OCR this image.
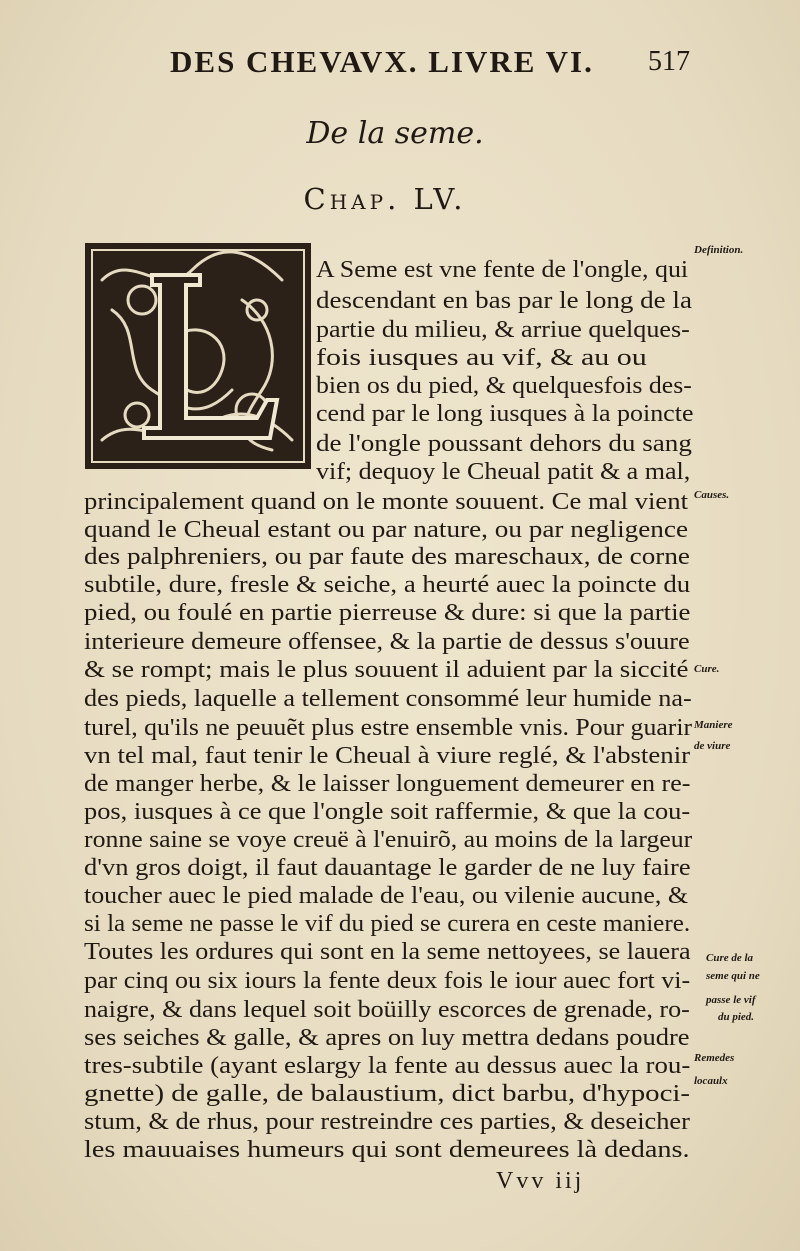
DES CHEVAVX. LIVRE VI. 517
De la seme.
Chap. LV.
A Seme est vne fente de l'ongle, qui
descendant en bas par le long de la
partie du milieu, & arriue quelques-
fois iusques au vif, & au ou
bien os du pied, & quelquesfois des-
cend par le long iusques à la poincte
de l'ongle poussant dehors du sang
vif; dequoy le Cheual patit & a mal,
principalement quand on le monte souuent. Ce mal vient
quand le Cheual estant ou par nature, ou par negligence
des palphreniers, ou par faute des mareschaux, de corne
subtile, dure, fresle & seiche, a heurté auec la poincte du
pied, ou foulé en partie pierreuse & dure: si que la partie
interieure demeure offensee, & la partie de dessus s'ouure
& se rompt; mais le plus souuent il aduient par la siccité
des pieds, laquelle a tellement consommé leur humide na-
turel, qu'ils ne peuuẽt plus estre ensemble vnis. Pour guarir
vn tel mal, faut tenir le Cheual à viure reglé, & l'abstenir
de manger herbe, & le laisser longuement demeurer en re-
pos, iusques à ce que l'ongle soit raffermie, & que la cou-
ronne saine se voye creuë à l'enuirõ, au moins de la largeur
d'vn gros doigt, il faut dauantage le garder de ne luy faire
toucher auec le pied malade de l'eau, ou vilenie aucune, &
si la seme ne passe le vif du pied se curera en ceste maniere.
Toutes les ordures qui sont en la seme nettoyees, se lauera
par cinq ou six iours la fente deux fois le iour auec fort vi-
naigre, & dans lequel soit boüilly escorces de grenade, ro-
ses seiches & galle, & apres on luy mettra dedans poudre
tres-subtile (ayant eslargy la fente au dessus auec la rou-
gnette) de galle, de balaustium, dict barbu, d'hypoci-
stum, & de rhus, pour restreindre ces parties, & deseicher
les mauuaises humeurs qui sont demeurees là dedans.
Definition.
Causes.
Cure.
Maniere
de viure
Cure de la
seme qui ne
passe le vif
du pied.
Remedes
locaulx
Vvv iij
